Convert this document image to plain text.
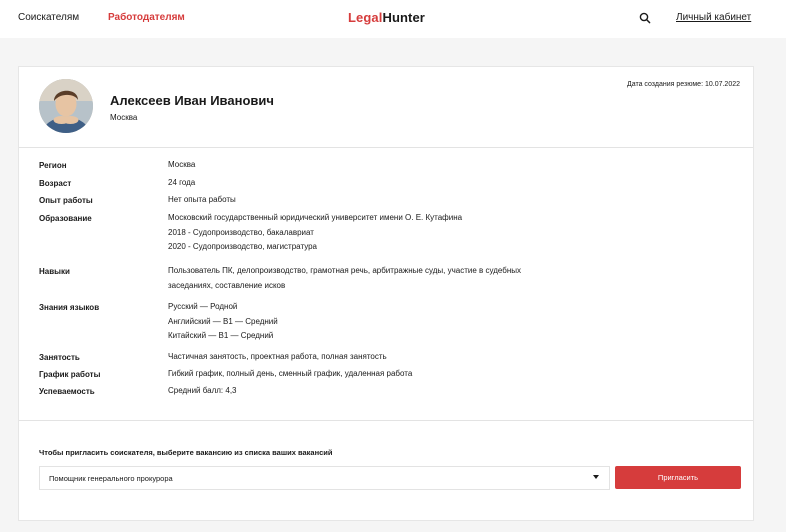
Соискателям	Работодателям	LegalHunter	Личный кабинет
Алексеев Иван Иванович
Москва
Дата создания резюме: 10.07.2022
Регион	Москва
Возраст	24 года
Опыт работы	Нет опыта работы
Образование	Московский государственный юридический университет имени О. Е. Кутафина
2018 - Судопроизводство, бакалавриат
2020 - Судопроизводство, магистратура
Навыки	Пользователь ПК, делопроизводство, грамотная речь, арбитражные суды, участие в судебных
заседаниях, составление исков
Знания языков	Русский — Родной
Английский — В1 — Средний
Китайский — В1 — Средний
Занятость	Частичная занятость, проектная работа, полная занятость
График работы	Гибкий график, полный день, сменный график, удаленная работа
Успеваемость	Средний балл: 4,3
Чтобы пригласить соискателя, выберите вакансию из списка ваших вакансий
Помощник генерального прокурора	Пригласить
